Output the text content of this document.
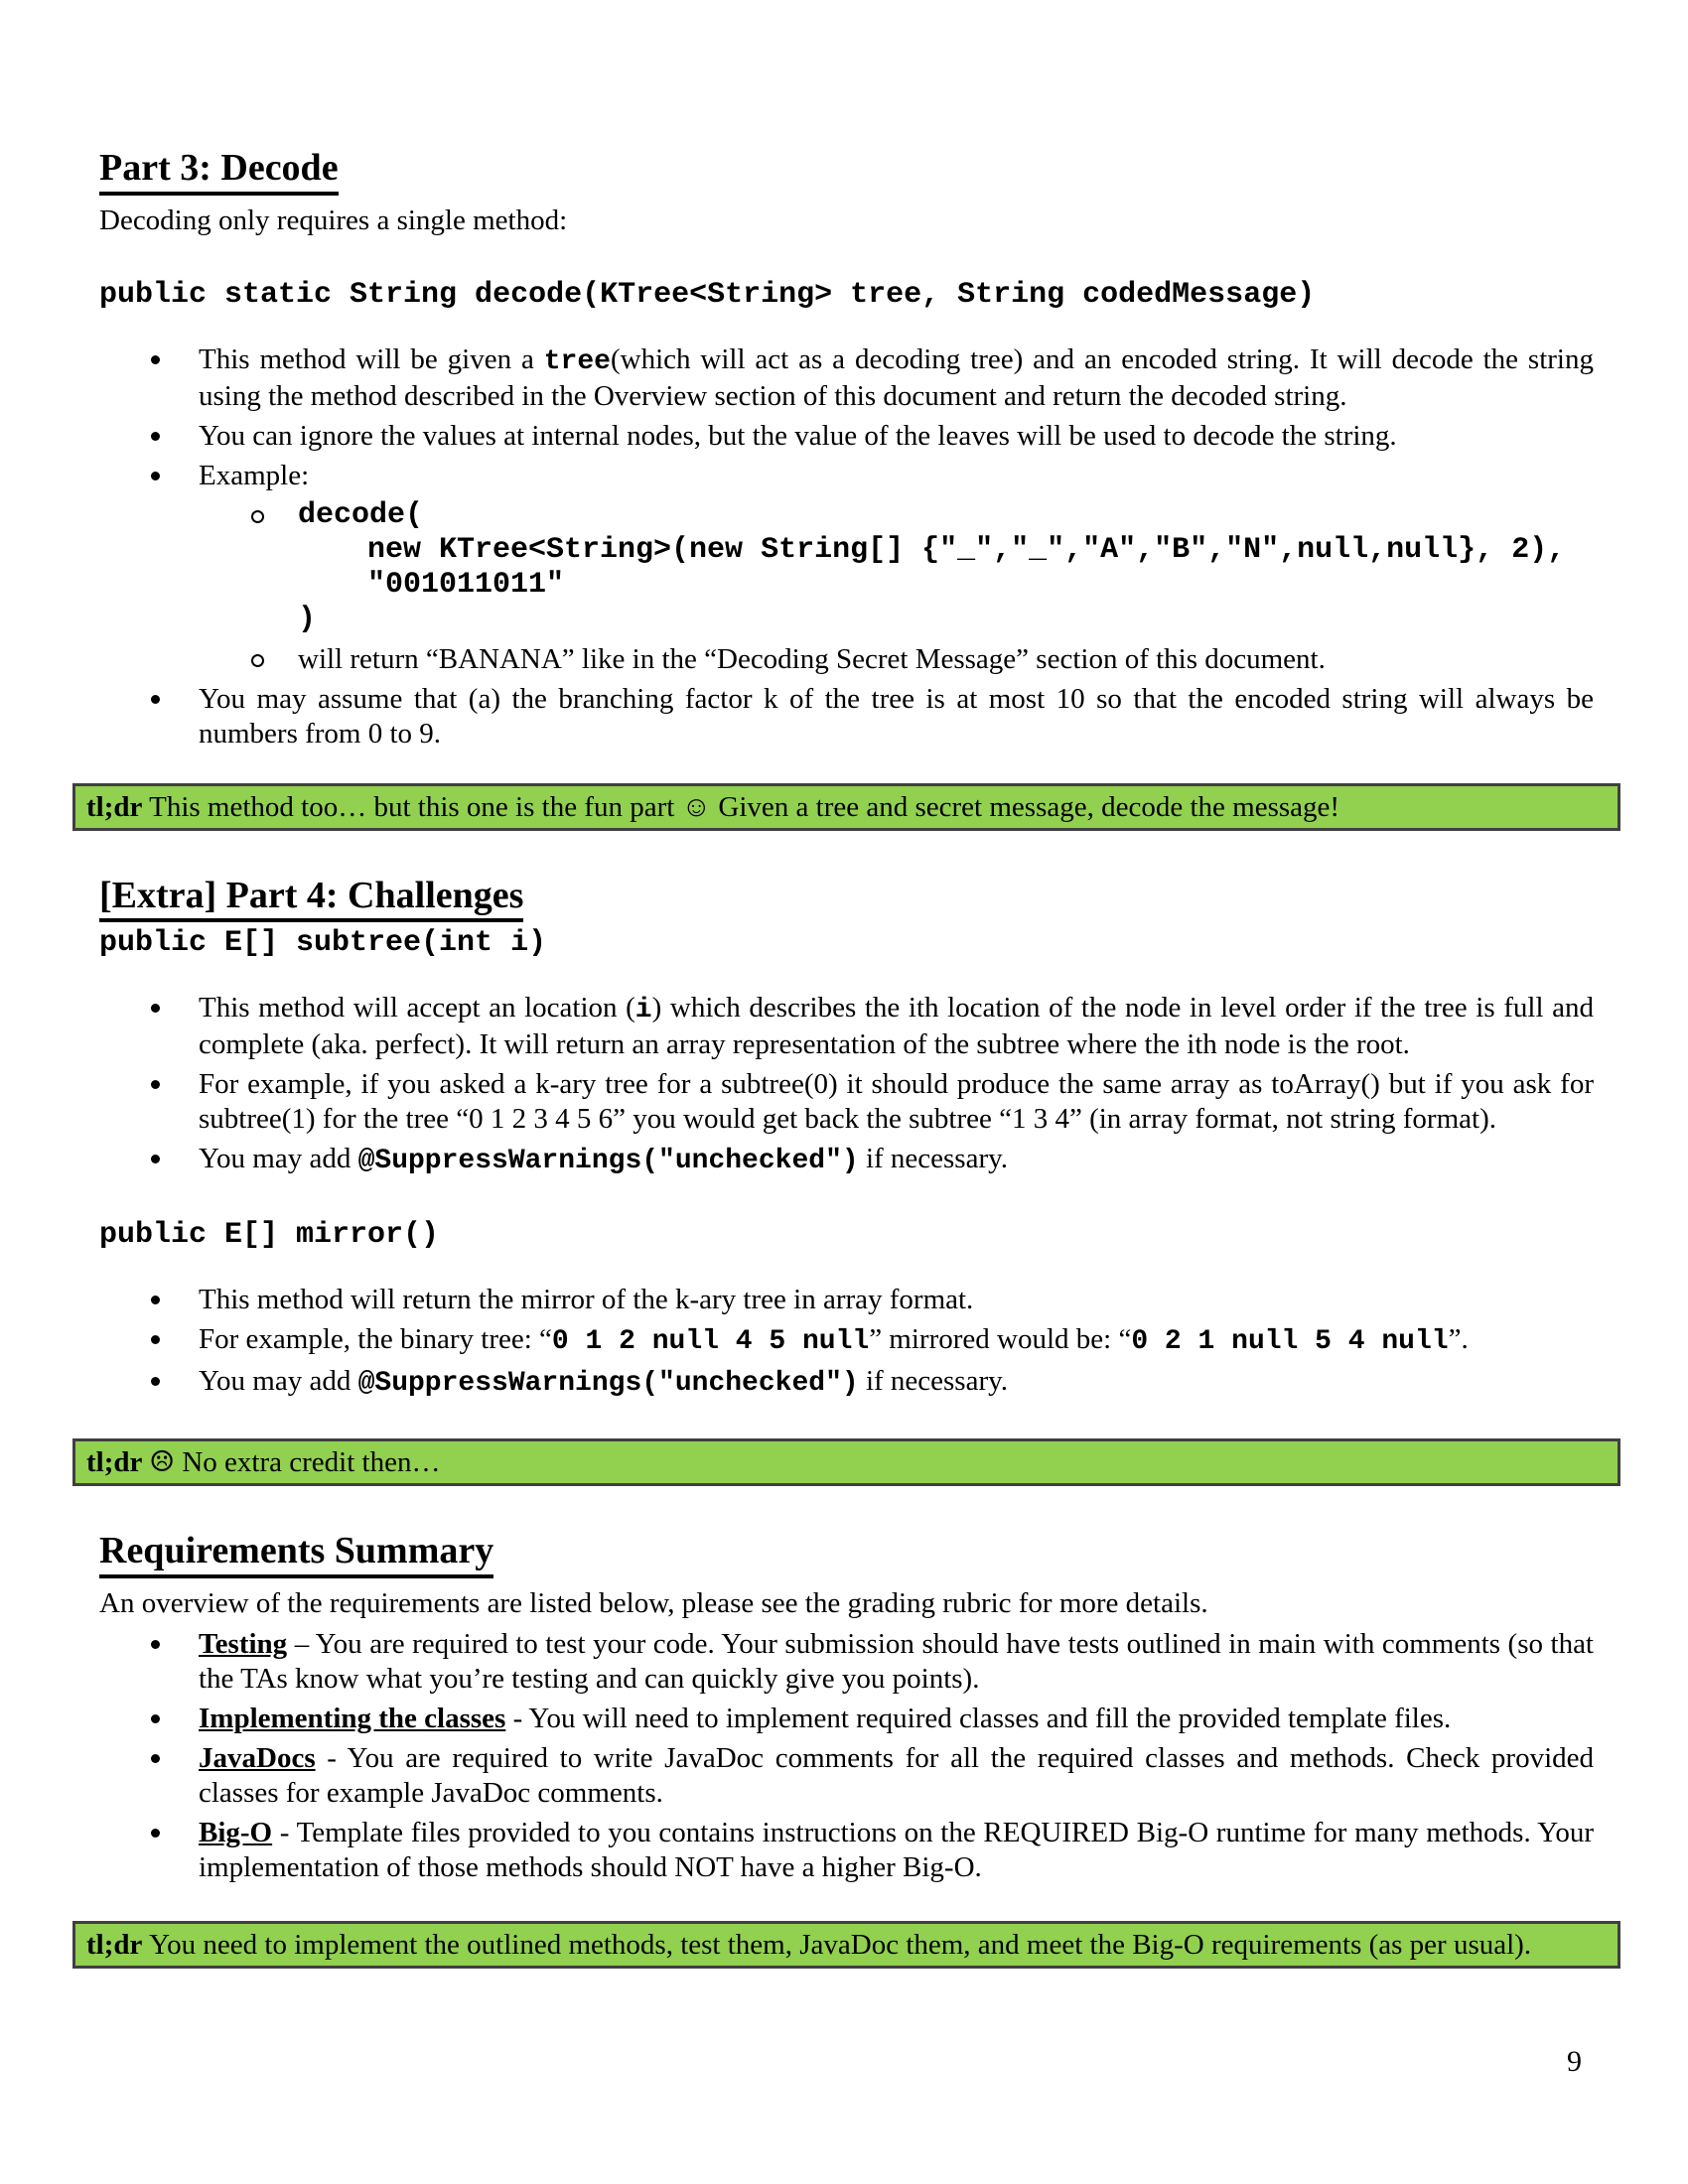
Part 3: Decode

Decoding only requires a single method:

public static String decode(KTree<String> tree, String codedMessage)

This method will be given a tree(which will act as a decoding tree) and an encoded string. It will decode the string using the method described in the Overview section of this document and return the decoded string.
You can ignore the values at internal nodes, but the value of the leaves will be used to decode the string.
Example:
decode(
new KTree<String>(new String[] {"_","_","A","B","N",null,null}, 2),
"001011011"
)
will return “BANANA” like in the “Decoding Secret Message” section of this document.
You may assume that (a) the branching factor k of the tree is at most 10 so that the encoded string will always be numbers from 0 to 9.
tl;dr This method too… but this one is the fun part ☺ Given a tree and secret message, decode the message!
[Extra] Part 4: Challenges

public E[] subtree(int i)

This method will accept an location (i) which describes the ith location of the node in level order if the tree is full and complete (aka. perfect). It will return an array representation of the subtree where the ith node is the root.
For example, if you asked a k-ary tree for a subtree(0) it should produce the same array as toArray() but if you ask for subtree(1) for the tree “0 1 2 3 4 5 6” you would get back the subtree “1 3 4” (in array format, not string format).
You may add @SuppressWarnings("unchecked") if necessary.

public E[] mirror()

This method will return the mirror of the k-ary tree in array format.
For example, the binary tree: “0 1 2 null 4 5 null” mirrored would be: “0 2 1 null 5 4 null”.
You may add @SuppressWarnings("unchecked") if necessary.
tl;dr ☹ No extra credit then…
Requirements Summary

An overview of the requirements are listed below, please see the grading rubric for more details.

Testing – You are required to test your code. Your submission should have tests outlined in main with comments (so that the TAs know what you’re testing and can quickly give you points).
Implementing the classes - You will need to implement required classes and fill the provided template files.
JavaDocs - You are required to write JavaDoc comments for all the required classes and methods. Check provided classes for example JavaDoc comments.
Big-O - Template files provided to you contains instructions on the REQUIRED Big-O runtime for many methods. Your implementation of those methods should NOT have a higher Big-O.
tl;dr You need to implement the outlined methods, test them, JavaDoc them, and meet the Big-O requirements (as per usual).
9
